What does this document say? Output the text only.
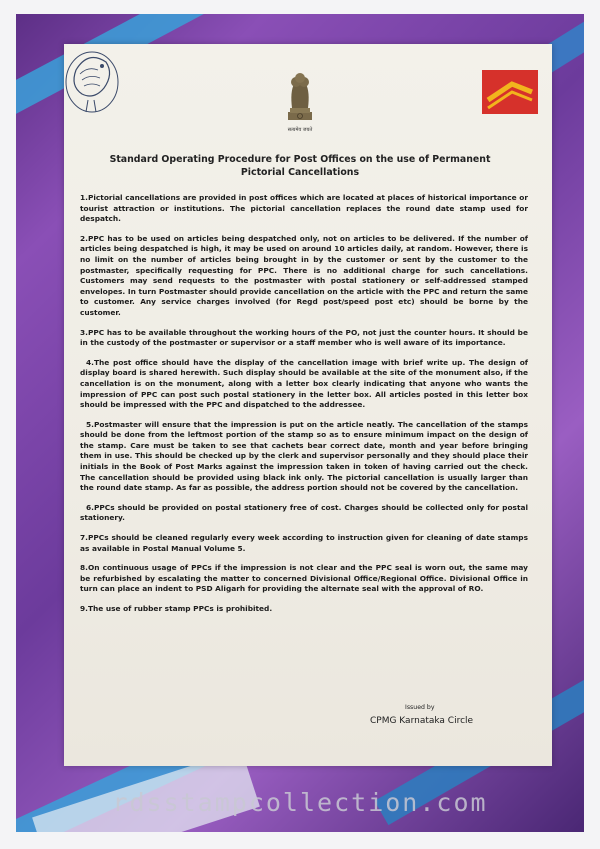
सत्यमेव जयते
Standard Operating Procedure for Post Offices on the use of Permanent Pictorial Cancellations

1.Pictorial cancellations are provided in post offices which are located at places of historical importance or tourist attraction or institutions. The pictorial cancellation replaces the round date stamp used for despatch.

2.PPC has to be used on articles being despatched only, not on articles to be delivered. If the number of articles being despatched is high, it may be used on around 10 articles daily, at random. However, there is no limit on the number of articles being brought in by the customer or sent by the customer to the postmaster, specifically requesting for PPC. There is no additional charge for such cancellations. Customers may send requests to the postmaster with postal stationery or self-addressed stamped envelopes. In turn Postmaster should provide cancellation on the article with the PPC and return the same to customer. Any service charges involved (for Regd post/speed post etc) should be borne by the customer.

3.PPC has to be available throughout the working hours of the PO, not just the counter hours. It should be in the custody of the postmaster or supervisor or a staff member who is well aware of its importance.

4.The post office should have the display of the cancellation image with brief write up. The design of display board is shared herewith. Such display should be available at the site of the monument also, if the cancellation is on the monument, along with a letter box clearly indicating that anyone who wants the impression of PPC can post such postal stationery in the letter box. All articles posted in this letter box should be impressed with the PPC and dispatched to the addressee.

5.Postmaster will ensure that the impression is put on the article neatly. The cancellation of the stamps should be done from the leftmost portion of the stamp so as to ensure minimum impact on the design of the stamp. Care must be taken to see that cachets bear correct date, month and year before bringing them in use. This should be checked up by the clerk and supervisor personally and they should place their initials in the Book of Post Marks against the impression taken in token of having carried out the check. The cancellation should be provided using black ink only. The pictorial cancellation is usually larger than the round date stamp. As far as possible, the address portion should not be covered by the cancellation.

6.PPCs should be provided on postal stationery free of cost. Charges should be collected only for postal stationery.

7.PPCs should be cleaned regularly every week according to instruction given for cleaning of date stamps as available in Postal Manual Volume 5.

8.On continuous usage of PPCs if the impression is not clear and the PPC seal is worn out, the same may be refurbished by escalating the matter to concerned Divisional Office/Regional Office. Divisional Office in turn can place an indent to PSD Aligarh for providing the alternate seal with the approval of RO.

9.The use of rubber stamp PPCs is prohibited.

Issued by
CPMG Karnataka Circle
rdsstampcollection.com
